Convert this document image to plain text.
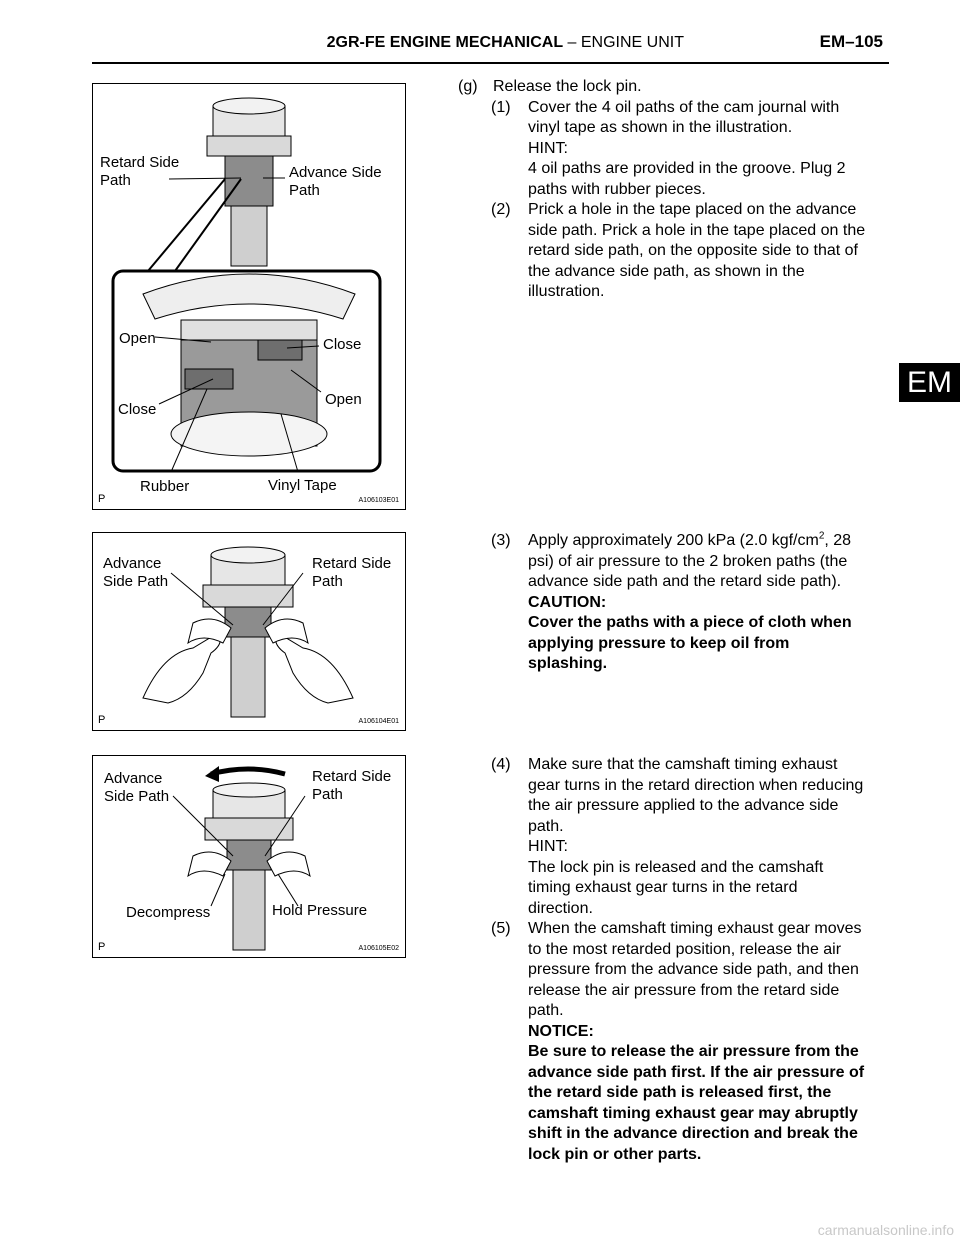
2GR-FE ENGINE MECHANICAL – ENGINE UNIT	EM–105
EM
Retard Side
Path	Advance Side
Path
Open	Close
Close
Open
Rubber	Vinyl Tape
P	A106103E01
Advance
Side Path
Retard Side
Path
P	A106104E01
Advance
Side Path
Retard Side
Path
Decompress	Hold Pressure
P	A106105E02
(g) Release the lock pin.
(1) Cover the 4 oil paths of the cam journal with
vinyl tape as shown in the illustration.
HINT:
4 oil paths are provided in the groove. Plug 2
paths with rubber pieces.
(2) Prick a hole in the tape placed on the advance
side path. Prick a hole in the tape placed on the
retard side path, on the opposite side to that of
the advance side path, as shown in the
illustration.
(3) Apply approximately 200 kPa (2.0 kgf/$cm^2$, 28
psi) of air pressure to the 2 broken paths (the
advance side path and the retard side path).
CAUTION:
Cover the paths with a piece of cloth when
applying pressure to keep oil from
splashing.
(4) Make sure that the camshaft timing exhaust
gear turns in the retard direction when reducing
the air pressure applied to the advance side
path.
HINT:
The lock pin is released and the camshaft
timing exhaust gear turns in the retard
direction.
(5) When the camshaft timing exhaust gear moves
to the most retarded position, release the air
pressure from the advance side path, and then
release the air pressure from the retard side
path.
NOTICE:
Be sure to release the air pressure from the
advance side path first. If the air pressure of
the retard side path is released first, the
camshaft timing exhaust gear may abruptly
shift in the advance direction and break the
lock pin or other parts.
carmanualsonline.info
